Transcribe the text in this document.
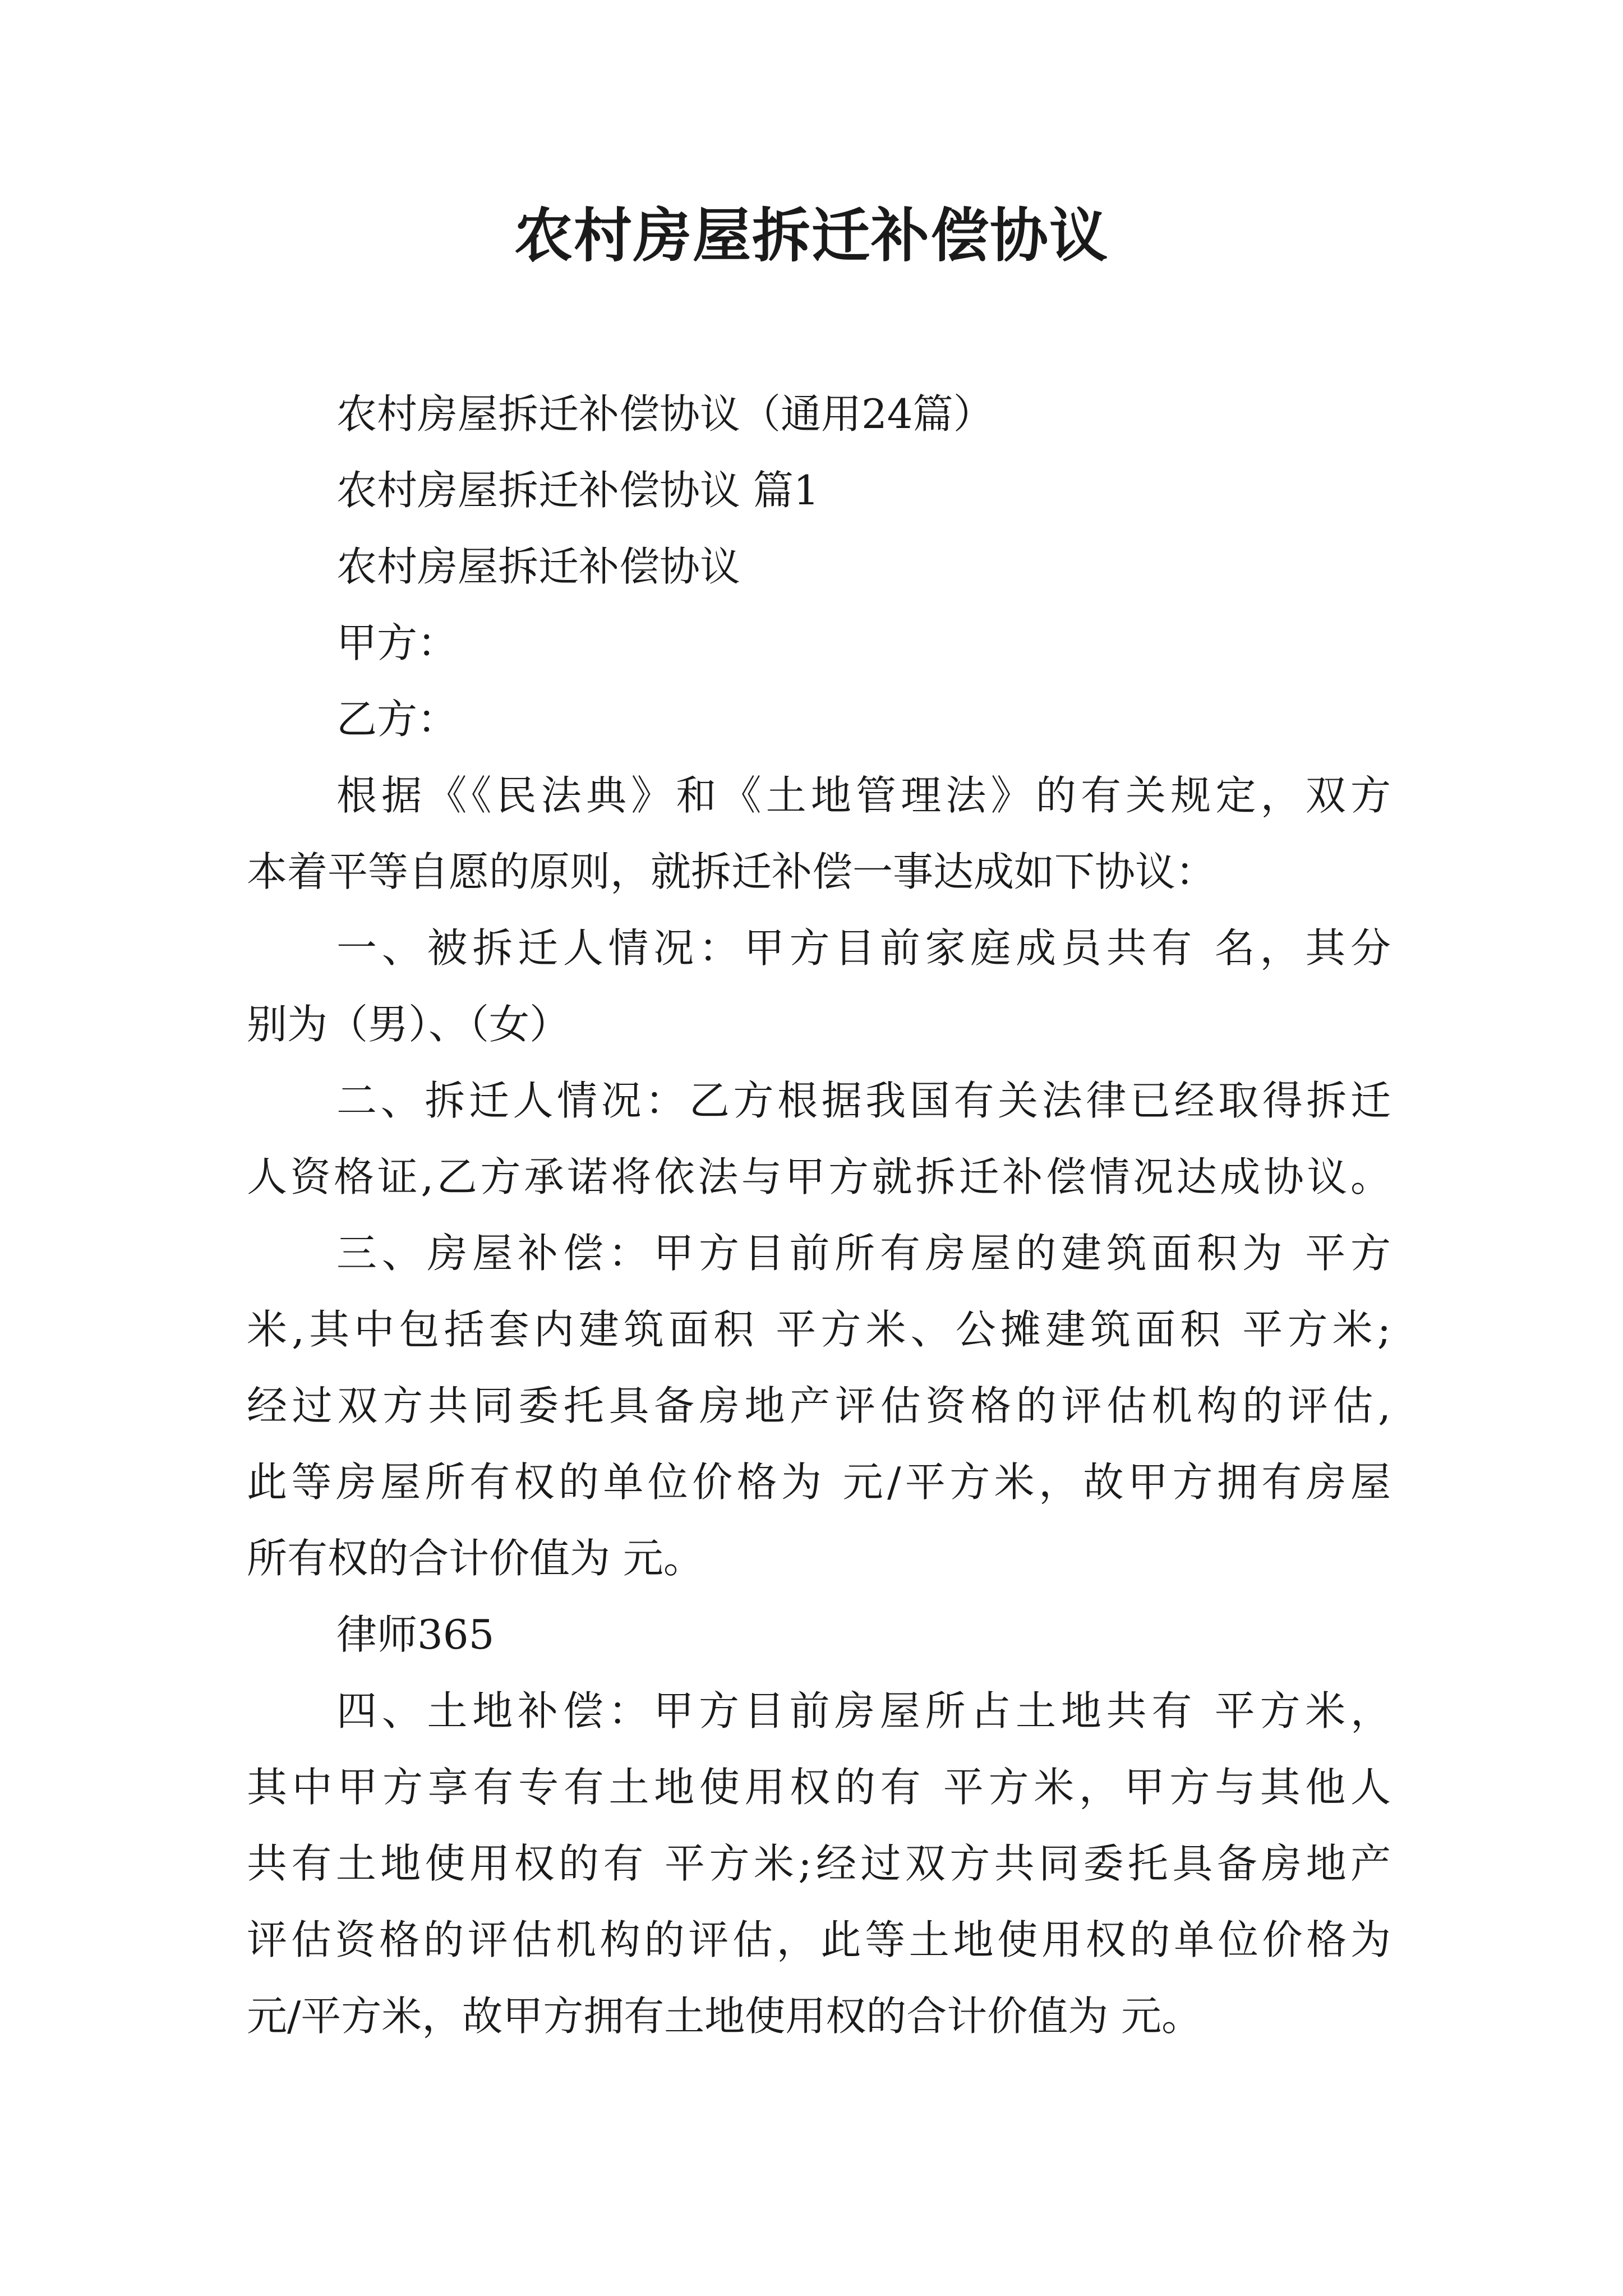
农村房屋拆迁补偿协议
农村房屋拆迁补偿协议（通用24篇）
农村房屋拆迁补偿协议 篇1
农村房屋拆迁补偿协议
甲方：
乙方：
根据《《民法典》和《土地管理法》的有关规定，双方
本着平等自愿的原则，就拆迁补偿一事达成如下协议：
一、被拆迁人情况：甲方目前家庭成员共有 名，其分
别为（男）、（女）
二、拆迁人情况：乙方根据我国有关法律已经取得拆迁
人资格证,乙方承诺将依法与甲方就拆迁补偿情况达成协议。
三、房屋补偿：甲方目前所有房屋的建筑面积为 平方
米,其中包括套内建筑面积 平方米、公摊建筑面积 平方米;
经过双方共同委托具备房地产评估资格的评估机构的评估,
此等房屋所有权的单位价格为 元/平方米，故甲方拥有房屋
所有权的合计价值为 元。
律师365
四、土地补偿：甲方目前房屋所占土地共有 平方米，
其中甲方享有专有土地使用权的有 平方米，甲方与其他人
共有土地使用权的有 平方米;经过双方共同委托具备房地产
评估资格的评估机构的评估，此等土地使用权的单位价格为
元/平方米，故甲方拥有土地使用权的合计价值为 元。
